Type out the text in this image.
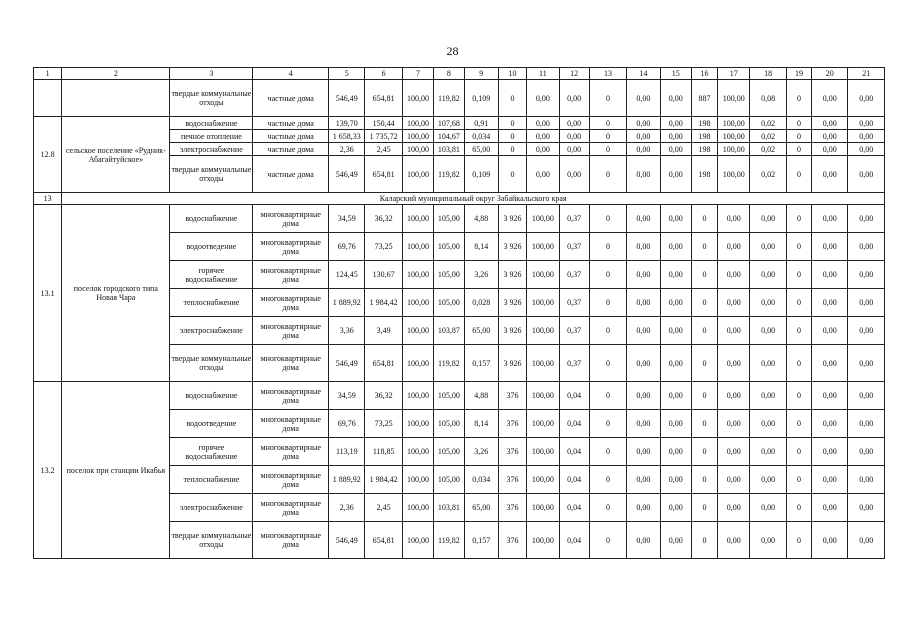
28
1	2	3	4	5	6	7	8	9	10	11	12	13	14	15	16	17	18	19	20	21
		твердые коммунальные отходы	частные дома	546,49	654,81	100,00	119,82	0,109	0	0,00	0,00	0	0,00	0,00	887	100,00	0,08	0	0,00	0,00
12.8	сельское поселение «Рудник-Абагайтуйское»	водоснабжение	частные дома	139,70	150,44	100,00	107,68	0,91	0	0,00	0,00	0	0,00	0,00	198	100,00	0,02	0	0,00	0,00
		печное отопление	частные дома	1 658,33	1 735,72	100,00	104,67	0,034	0	0,00	0,00	0	0,00	0,00	198	100,00	0,02	0	0,00	0,00
		электроснабжение	частные дома	2,36	2,45	100,00	103,81	65,00	0	0,00	0,00	0	0,00	0,00	198	100,00	0,02	0	0,00	0,00
		твердые коммунальные отходы	частные дома	546,49	654,81	100,00	119,82	0,109	0	0,00	0,00	0	0,00	0,00	198	100,00	0,02	0	0,00	0,00
13	Каларский муниципальный округ Забайкальского края																			
13.1	поселок городского типа Новая Чара	водоснабжение	многоквартирные дома	34,59	36,32	100,00	105,00	4,88	3 926	100,00	0,37	0	0,00	0,00	0	0,00	0,00	0	0,00	0,00
		водоотведение	многоквартирные дома	69,76	73,25	100,00	105,00	8,14	3 926	100,00	0,37	0	0,00	0,00	0	0,00	0,00	0	0,00	0,00
		горячее водоснабжение	многоквартирные дома	124,45	130,67	100,00	105,00	3,26	3 926	100,00	0,37	0	0,00	0,00	0	0,00	0,00	0	0,00	0,00
		теплоснабжение	многоквартирные дома	1 889,92	1 984,42	100,00	105,00	0,028	3 926	100,00	0,37	0	0,00	0,00	0	0,00	0,00	0	0,00	0,00
		электроснабжение	многоквартирные дома	3,36	3,49	100,00	103,87	65,00	3 926	100,00	0,37	0	0,00	0,00	0	0,00	0,00	0	0,00	0,00
		твердые коммунальные отходы	многоквартирные дома	546,49	654,81	100,00	119,82	0,157	3 926	100,00	0,37	0	0,00	0,00	0	0,00	0,00	0	0,00	0,00
13.2	поселок при станции Икабья	водоснабжение	многоквартирные дома	34,59	36,32	100,00	105,00	4,88	376	100,00	0,04	0	0,00	0,00	0	0,00	0,00	0	0,00	0,00
		водоотведение	многоквартирные дома	69,76	73,25	100,00	105,00	8,14	376	100,00	0,04	0	0,00	0,00	0	0,00	0,00	0	0,00	0,00
		горячее водоснабжение	многоквартирные дома	113,19	118,85	100,00	105,00	3,26	376	100,00	0,04	0	0,00	0,00	0	0,00	0,00	0	0,00	0,00
		теплоснабжение	многоквартирные дома	1 889,92	1 984,42	100,00	105,00	0,034	376	100,00	0,04	0	0,00	0,00	0	0,00	0,00	0	0,00	0,00
		электроснабжение	многоквартирные дома	2,36	2,45	100,00	103,81	65,00	376	100,00	0,04	0	0,00	0,00	0	0,00	0,00	0	0,00	0,00
		твердые коммунальные отходы	многоквартирные дома	546,49	654,81	100,00	119,82	0,157	376	100,00	0,04	0	0,00	0,00	0	0,00	0,00	0	0,00	0,00
